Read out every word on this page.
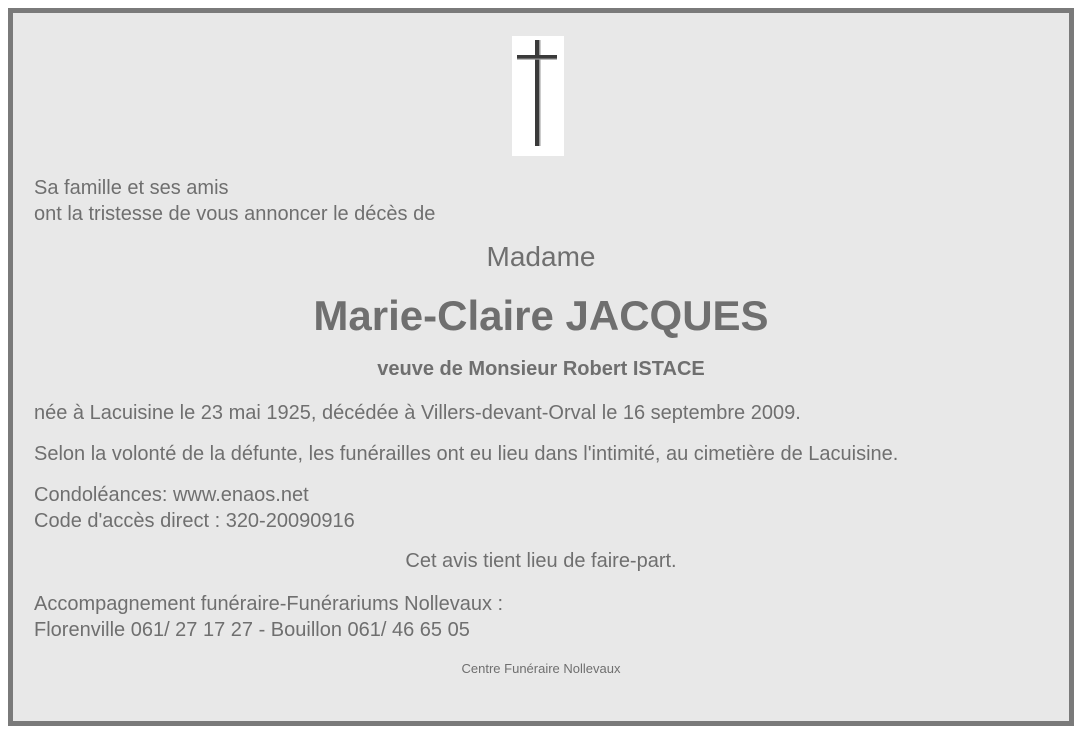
Sa famille et ses amis
ont la tristesse de vous annoncer le décès de

Madame

Marie-Claire JACQUES

veuve de Monsieur Robert ISTACE

née à Lacuisine le 23 mai 1925, décédée à Villers-devant-Orval le 16 septembre 2009.

Selon la volonté de la défunte, les funérailles ont eu lieu dans l'intimité, au cimetière de Lacuisine.

Condoléances: www.enaos.net
Code d'accès direct : 320-20090916

Cet avis tient lieu de faire-part.

Accompagnement funéraire-Funérariums Nollevaux :
Florenville 061/ 27 17 27 - Bouillon 061/ 46 65 05

Centre Funéraire Nollevaux
